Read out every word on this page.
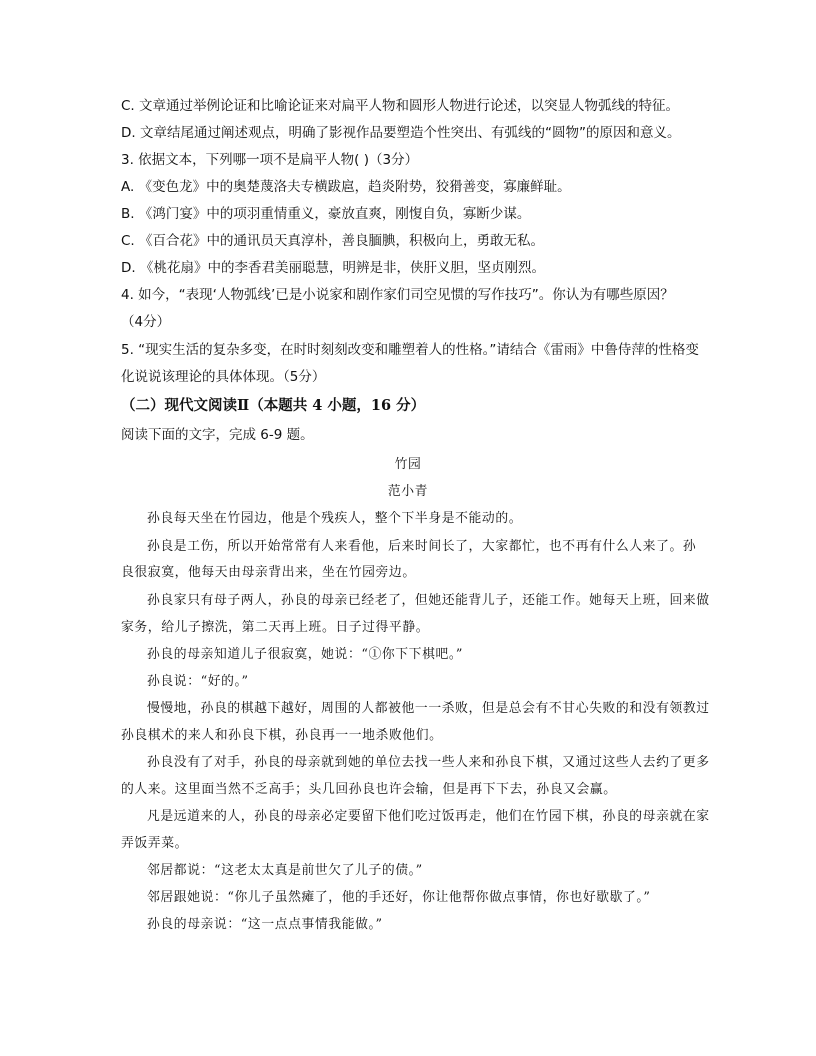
C. 文章通过举例论证和比喻论证来对扁平人物和圆形人物进行论述，以突显人物弧线的特征。
D. 文章结尾通过阐述观点，明确了影视作品要塑造个性突出、有弧线的“圆物”的原因和意义。
3. 依据文本，下列哪一项不是扁平人物( )（3分）
A. 《变色龙》中的奥楚蔑洛夫专横跋扈，趋炎附势，狡猾善变，寡廉鲜耻。
B. 《鸿门宴》中的项羽重情重义，豪放直爽，刚愎自负，寡断少谋。
C. 《百合花》中的通讯员天真淳朴，善良腼腆，积极向上，勇敢无私。
D. 《桃花扇》中的李香君美丽聪慧，明辨是非，侠肝义胆，坚贞刚烈。
4. 如今，“表现‘人物弧线’已是小说家和剧作家们司空见惯的写作技巧”。你认为有哪些原因？
（4分）
5. “现实生活的复杂多变，在时时刻刻改变和雕塑着人的性格。”请结合《雷雨》中鲁侍萍的性格变
化说说该理论的具体体现。（5分）
（二）现代文阅读Ⅱ（本题共 4 小题，16 分）
阅读下面的文字，完成 6-9 题。
竹园
范小青
孙良每天坐在竹园边，他是个残疾人，整个下半身是不能动的。
孙良是工伤，所以开始常常有人来看他，后来时间长了，大家都忙，也不再有什么人来了。孙
良很寂寞，他每天由母亲背出来，坐在竹园旁边。
孙良家只有母子两人，孙良的母亲已经老了，但她还能背儿子，还能工作。她每天上班，回来做
家务，给儿子擦洗，第二天再上班。日子过得平静。
孙良的母亲知道儿子很寂寞，她说：“①你下下棋吧。”
孙良说：“好的。”
慢慢地，孙良的棋越下越好，周围的人都被他一一杀败，但是总会有不甘心失败的和没有领教过
孙良棋术的来人和孙良下棋，孙良再一一地杀败他们。
孙良没有了对手，孙良的母亲就到她的单位去找一些人来和孙良下棋，又通过这些人去约了更多
的人来。这里面当然不乏高手；头几回孙良也许会输，但是再下下去，孙良又会赢。
凡是远道来的人，孙良的母亲必定要留下他们吃过饭再走，他们在竹园下棋，孙良的母亲就在家
弄饭弄菜。
邻居都说：“这老太太真是前世欠了儿子的债。”
邻居跟她说：“你儿子虽然瘫了，他的手还好，你让他帮你做点事情，你也好歇歇了。”
孙良的母亲说：“这一点点事情我能做。”
